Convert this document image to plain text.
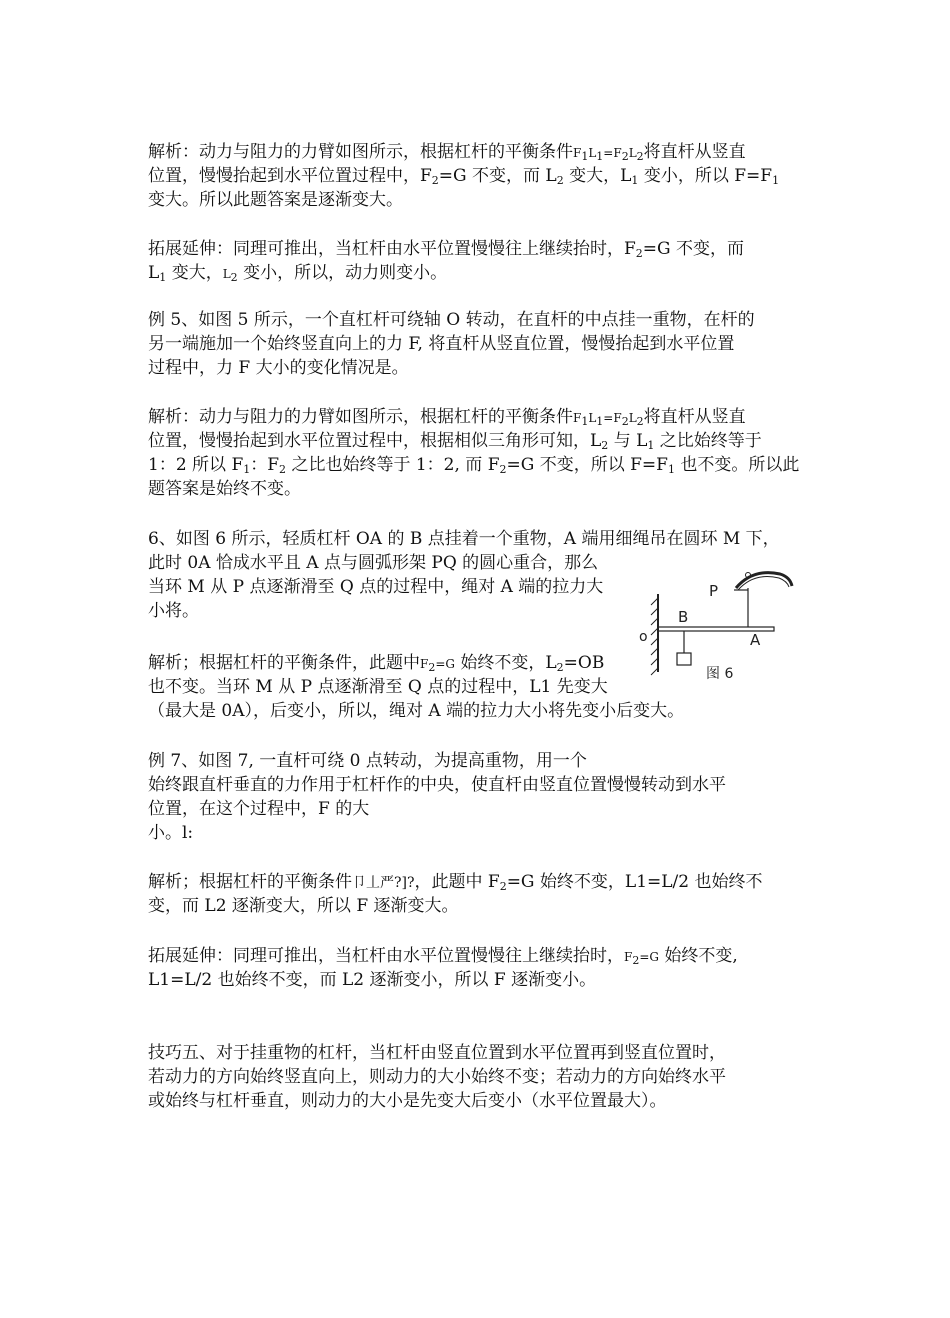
解析：动力与阻力的力臂如图所示，根据杠杆的平衡条件$F_1L_1=F_2L_2$将直杆从竖直
位置，慢慢抬起到水平位置过程中，$F_2=G$ 不变，而 $L_2$ 变大，$L_1$ 变小，所以 $F=F_1$
变大。所以此题答案是逐渐变大。
拓展延伸：同理可推出，当杠杆由水平位置慢慢往上继续抬时，$F_2=G$ 不变，而
$L_1$ 变大，$L_2$ 变小，所以，动力则变小。
例 5、如图 5 所示，一个直杠杆可绕轴 O 转动，在直杆的中点挂一重物，在杆的
另一端施加一个始终竖直向上的力 F, 将直杆从竖直位置，慢慢抬起到水平位置
过程中，力 F 大小的变化情况是。
解析：动力与阻力的力臂如图所示，根据杠杆的平衡条件$F_1L_1=F_2L_2$将直杆从竖直
位置，慢慢抬起到水平位置过程中，根据相似三角形可知，$L_2$ 与 $L_1$ 之比始终等于
1：2 所以 $F_1$：$F_2$ 之比也始终等于 1：2, 而 $F_2=G$ 不变，所以 $F=F_1$ 也不变。所以此
题答案是始终不变。
6、如图 6 所示，轻质杠杆 OA 的 B 点挂着一个重物，A 端用细绳吊在圆环 M 下，
此时 0A 恰成水平且 A 点与圆弧形架 PQ 的圆心重合，那么
当环 M 从 P 点逐渐滑至 Q 点的过程中，绳对 A 端的拉力大
小将。
P
B
o	A
图 6
解析；根据杠杆的平衡条件，此题中$F_2=G$ 始终不变，$L_2=OB$
也不变。当环 M 从 P 点逐渐滑至 Q 点的过程中，L1 先变大
（最大是 0A），后变小，所以，绳对 A 端的拉力大小将先变小后变大。
例 7、如图 7, 一直杆可绕 0 点转动，为提高重物，用一个
始终跟直杆垂直的力作用于杠杆作的中央，使直杆由竖直位置慢慢转动到水平
位置，在这个过程中，F 的大
小。l:
解析；根据杠杆的平衡条件卩丄严?]?，此题中 $F_2=G$ 始终不变，L1=L/2 也始终不
变，而 L2 逐渐变大，所以 F 逐渐变大。
拓展延伸：同理可推出，当杠杆由水平位置慢慢往上继续抬时，$F_2=G$ 始终不变,
L1=L/2 也始终不变，而 L2 逐渐变小，所以 F 逐渐变小。
技巧五、对于挂重物的杠杆，当杠杆由竖直位置到水平位置再到竖直位置时，
若动力的方向始终竖直向上，则动力的大小始终不变；若动力的方向始终水平
或始终与杠杆垂直，则动力的大小是先变大后变小（水平位置最大）。
